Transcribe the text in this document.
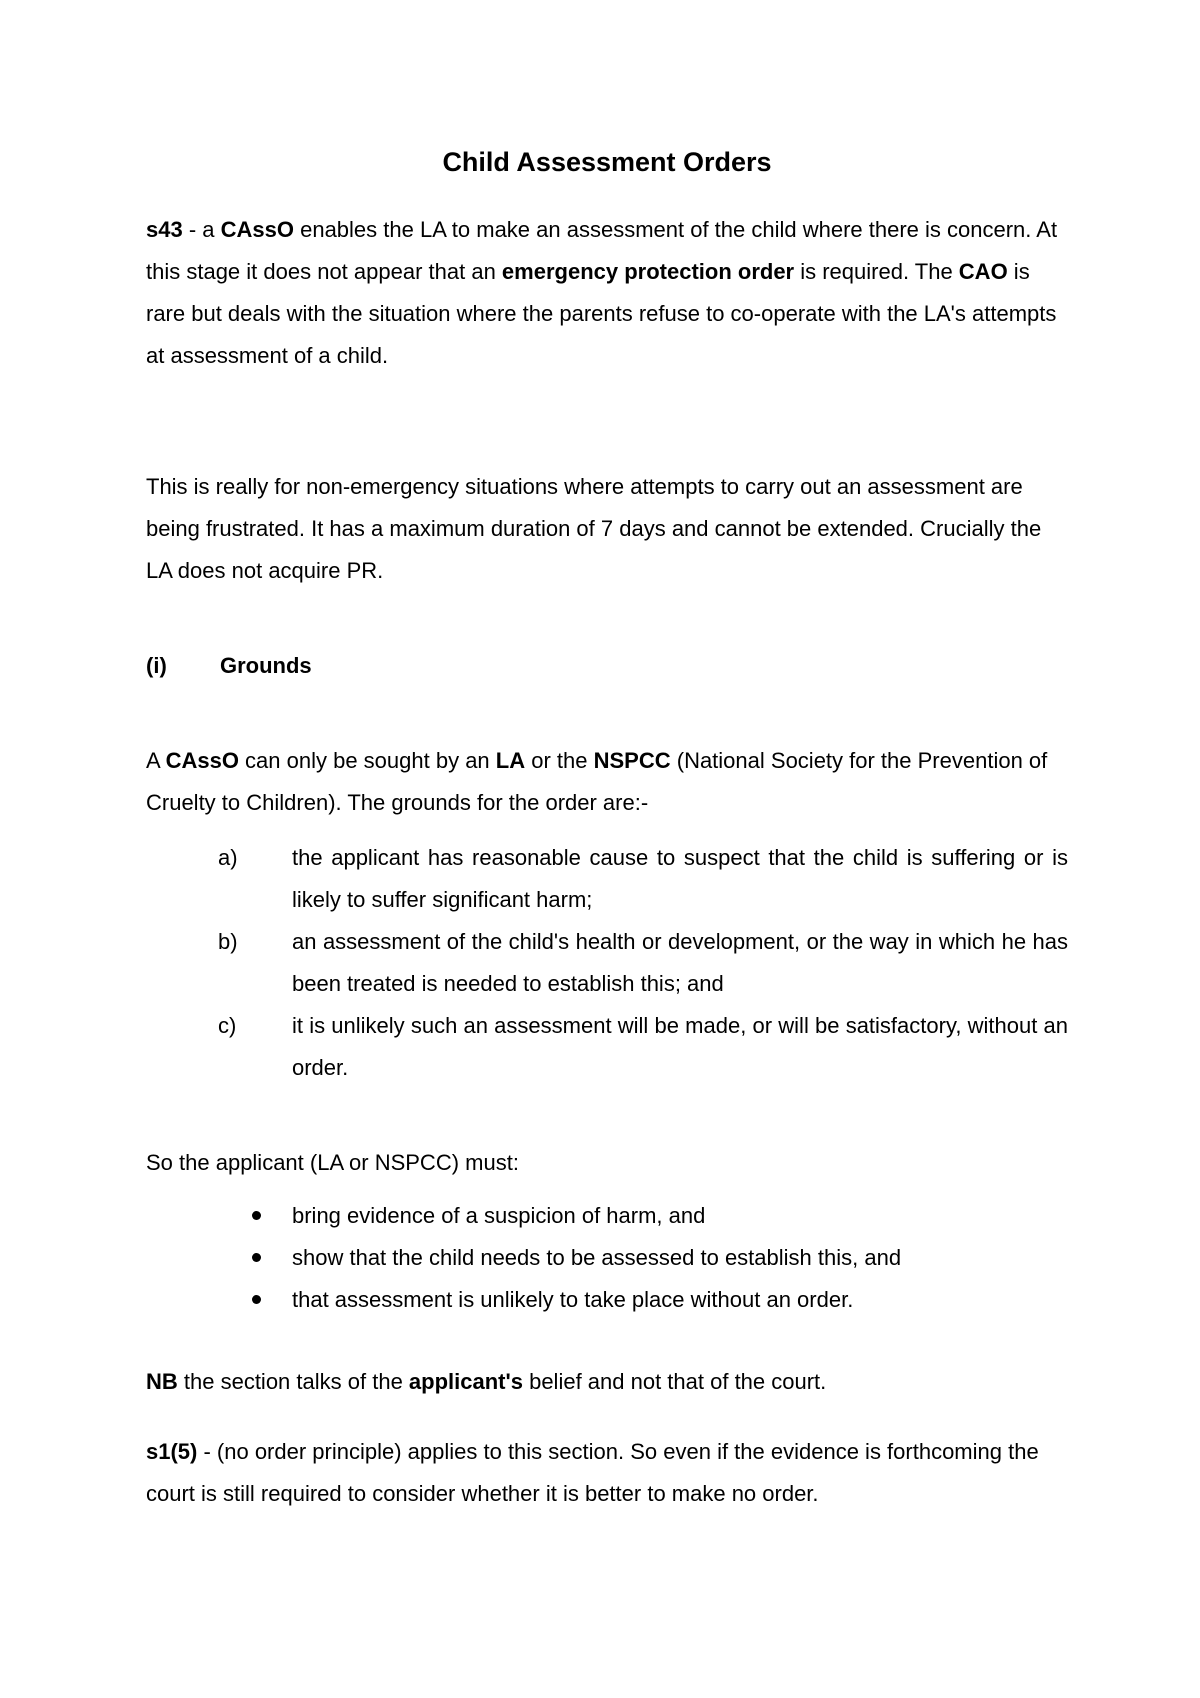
Child Assessment Orders

s43 - a CAssO enables the LA to make an assessment of the child where there is concern. At this stage it does not appear that an emergency protection order is required. The CAO is rare but deals with the situation where the parents refuse to co-operate with the LA's attempts at assessment of a child.

This is really for non-emergency situations where attempts to carry out an assessment are being frustrated. It has a maximum duration of 7 days and cannot be extended. Crucially the LA does not acquire PR.

(i) Grounds

A CAssO can only be sought by an LA or the NSPCC (National Society for the Prevention of Cruelty to Children). The grounds for the order are:-

a) the applicant has reasonable cause to suspect that the child is suffering or is likely to suffer significant harm;
b) an assessment of the child's health or development, or the way in which he has been treated is needed to establish this; and
c)	it is unlikely such an assessment will be made, or will be satisfactory, without an order.

So the applicant (LA or NSPCC) must:

bring evidence of a suspicion of harm, and
show that the child needs to be assessed to establish this, and
that assessment is unlikely to take place without an order.

NB the section talks of the applicant's belief and not that of the court.

s1(5) - (no order principle) applies to this section. So even if the evidence is forthcoming the court is still required to consider whether it is better to make no order.
